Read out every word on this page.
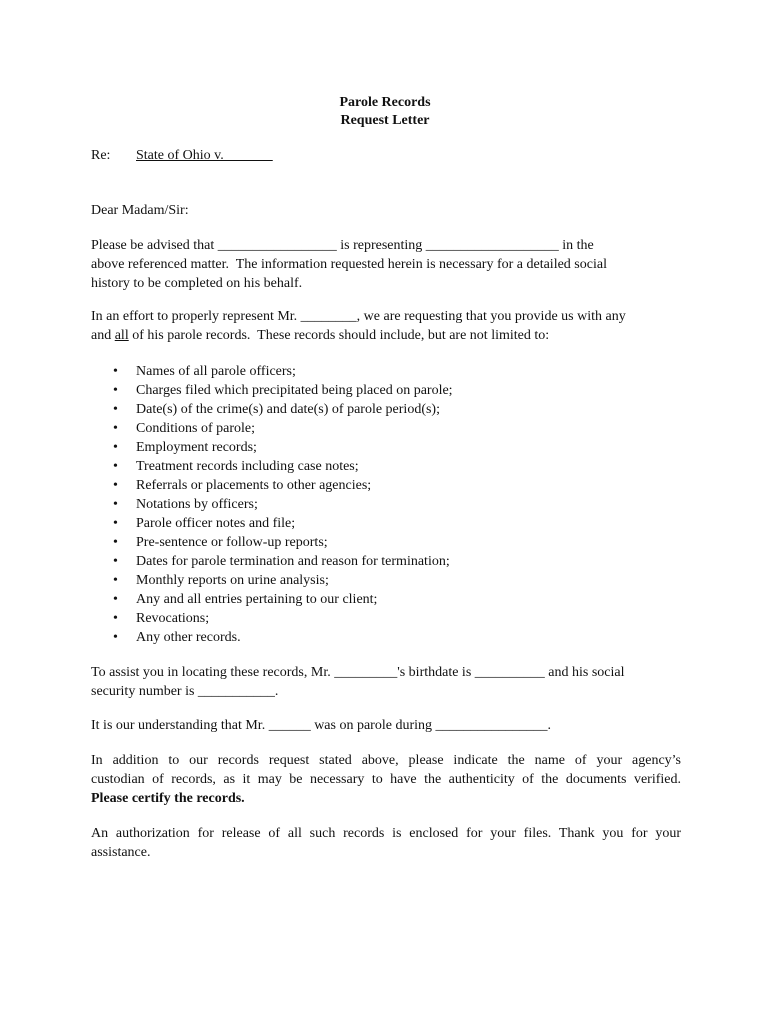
Parole Records
Request Letter
Re: State of Ohio v.
Dear Madam/Sir:
Please be advised that _________________ is representing ___________________ in the
above referenced matter.  The information requested herein is necessary for a detailed social
history to be completed on his behalf.
In an effort to properly represent Mr. ________, we are requesting that you provide us with any
and all of his parole records.  These records should include, but are not limited to:
• Names of all parole officers;
• Charges filed which precipitated being placed on parole;
• Date(s) of the crime(s) and date(s) of parole period(s);
• Conditions of parole;
• Employment records;
• Treatment records including case notes;
• Referrals or placements to other agencies;
• Notations by officers;
• Parole officer notes and file;
• Pre-sentence or follow-up reports;
• Dates for parole termination and reason for termination;
• Monthly reports on urine analysis;
• Any and all entries pertaining to our client;
• Revocations;
• Any other records.
To assist you in locating these records, Mr. _________'s birthdate is __________ and his social
security number is ___________.
It is our understanding that Mr. ______ was on parole during ________________.
In addition to our records request stated above, please indicate the name of your agency’s
custodian of records, as it may be necessary to have the authenticity of the documents verified.
Please certify the records.
An authorization for release of all such records is enclosed for your files. Thank you for your
assistance.
